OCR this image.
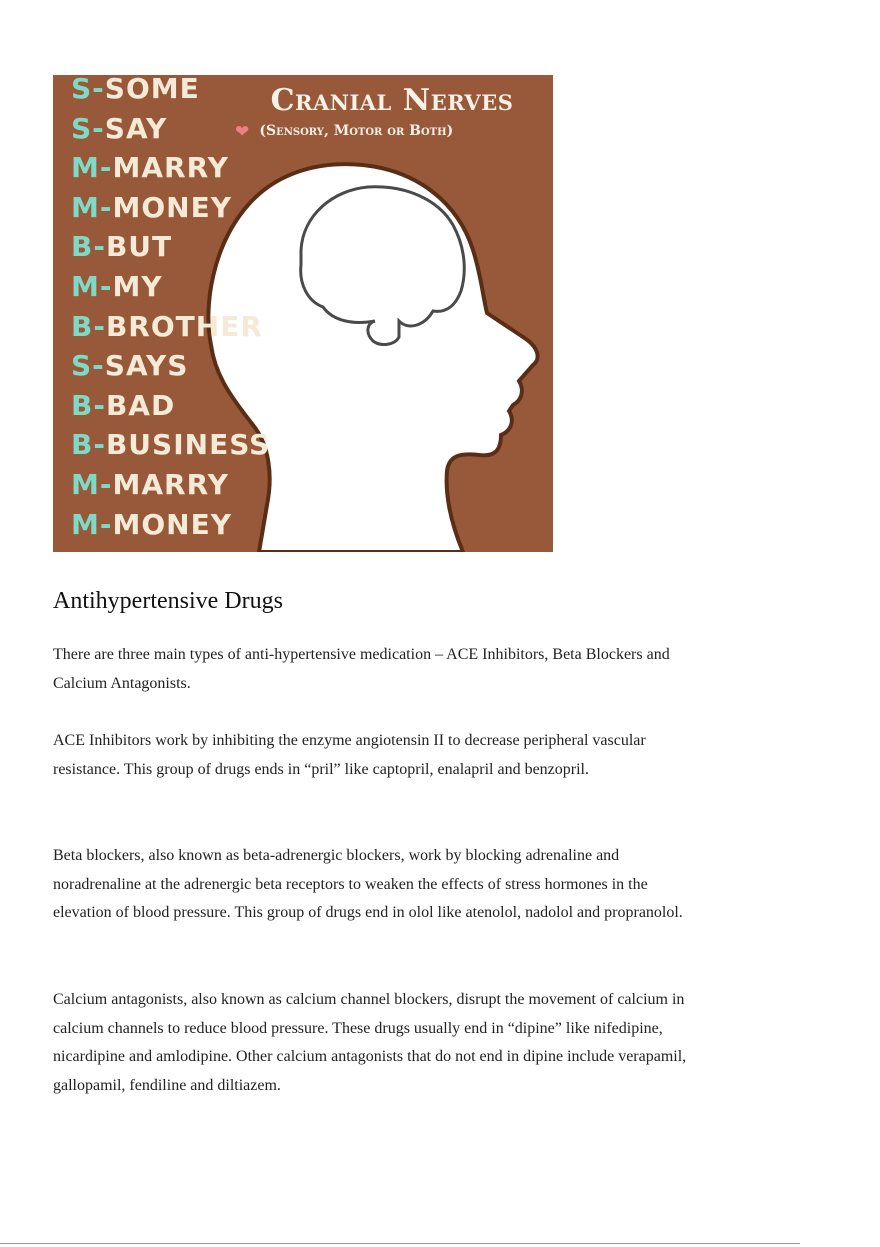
S-SOME
S-SAY
M-MARRY
M-MONEY
B-BUT
M-MY
B-BROTHER
S-SAYS
B-BAD
B-BUSINESS
M-MARRY
M-MONEY
Cranial Nerves
❤ (Sensory, Motor or Both)
Antihypertensive Drugs

There are three main types of anti-hypertensive medication – ACE Inhibitors, Beta Blockers and Calcium Antagonists.

ACE Inhibitors work by inhibiting the enzyme angiotensin II to decrease peripheral vascular resistance. This group of drugs ends in “pril” like captopril, enalapril and benzopril.

Beta blockers, also known as beta-adrenergic blockers, work by blocking adrenaline and noradrenaline at the adrenergic beta receptors to weaken the effects of stress hormones in the elevation of blood pressure. This group of drugs end in olol like atenolol, nadolol and propranolol.

Calcium antagonists, also known as calcium channel blockers, disrupt the movement of calcium in calcium channels to reduce blood pressure. These drugs usually end in “dipine” like nifedipine, nicardipine and amlodipine. Other calcium antagonists that do not end in dipine include verapamil, gallopamil, fendiline and diltiazem.
